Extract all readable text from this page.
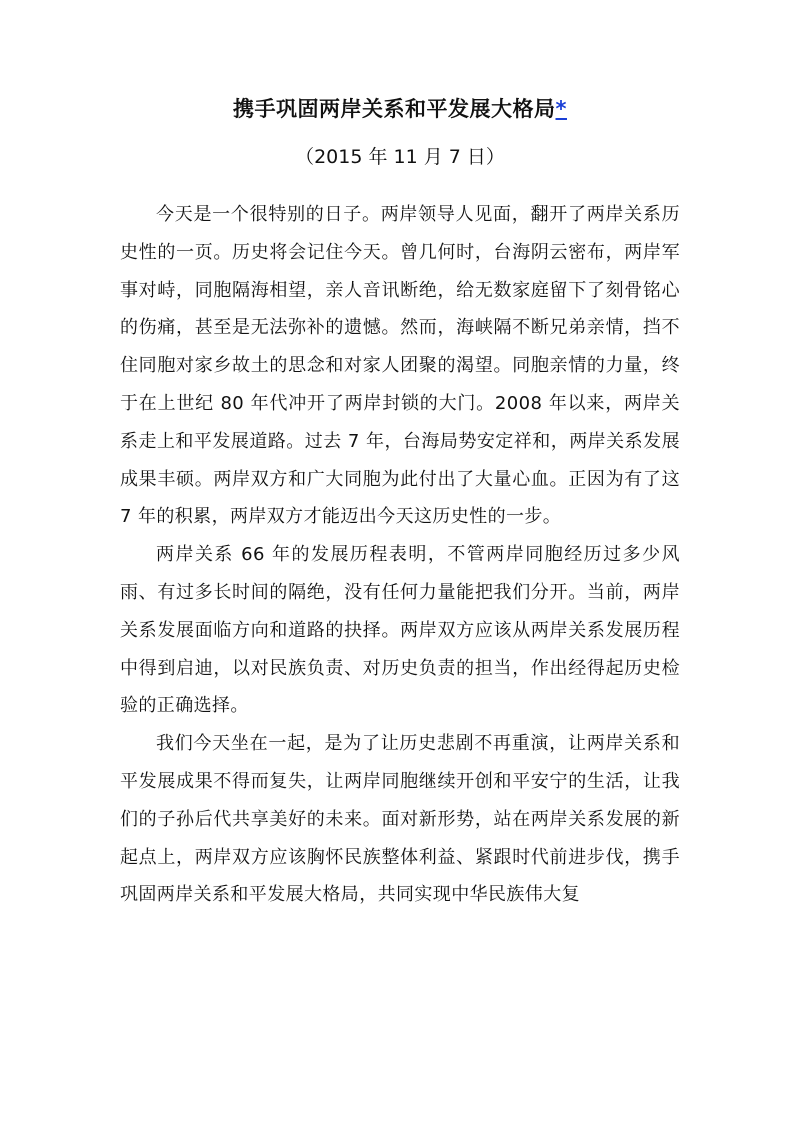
携手巩固两岸关系和平发展大格局*
（2015 年 11 月 7 日）

今天是一个很特别的日子。两岸领导人见面，翻开了两岸关系历史性的一页。历史将会记住今天。曾几何时，台海阴云密布，两岸军事对峙，同胞隔海相望，亲人音讯断绝，给无数家庭留下了刻骨铭心的伤痛，甚至是无法弥补的遗憾。然而，海峡隔不断兄弟亲情，挡不住同胞对家乡故土的思念和对家人团聚的渴望。同胞亲情的力量，终于在上世纪 80 年代冲开了两岸封锁的大门。2008 年以来，两岸关系走上和平发展道路。过去 7 年，台海局势安定祥和，两岸关系发展成果丰硕。两岸双方和广大同胞为此付出了大量心血。正因为有了这 7 年的积累，两岸双方才能迈出今天这历史性的一步。

两岸关系 66 年的发展历程表明，不管两岸同胞经历过多少风雨、有过多长时间的隔绝，没有任何力量能把我们分开。当前，两岸关系发展面临方向和道路的抉择。两岸双方应该从两岸关系发展历程中得到启迪，以对民族负责、对历史负责的担当，作出经得起历史检验的正确选择。

我们今天坐在一起，是为了让历史悲剧不再重演，让两岸关系和平发展成果不得而复失，让两岸同胞继续开创和平安宁的生活，让我们的子孙后代共享美好的未来。面对新形势，站在两岸关系发展的新起点上，两岸双方应该胸怀民族整体利益、紧跟时代前进步伐，携手巩固两岸关系和平发展大格局，共同实现中华民族伟大复
